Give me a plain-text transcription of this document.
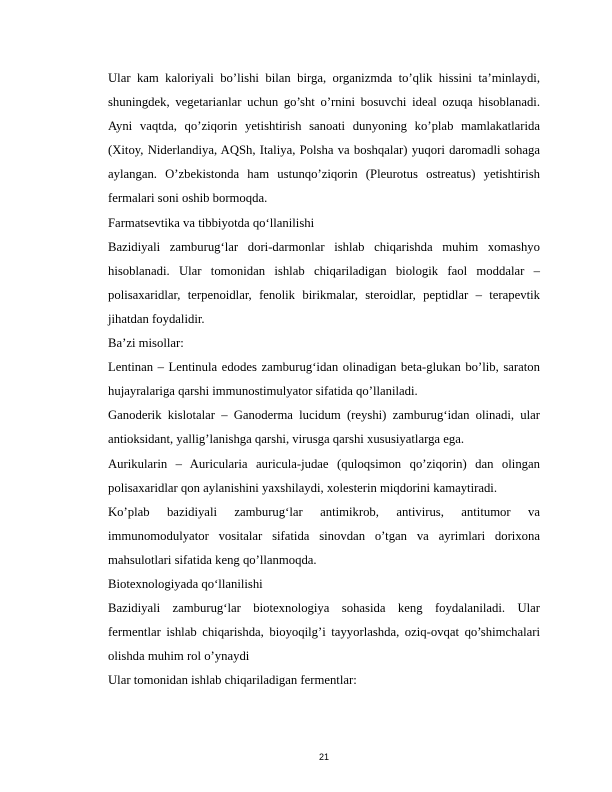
Ular kam kaloriyali bo’lishi bilan birga, organizmda to’qlik hissini ta’minlaydi, shuningdek, vegetarianlar uchun go’sht o’rnini bosuvchi ideal ozuqa hisoblanadi. Ayni vaqtda, qo’ziqorin yetishtirish sanoati dunyoning ko’plab mamlakatlarida (Xitoy, Niderlandiya, AQSh, Italiya, Polsha va boshqalar) yuqori daromadli sohaga aylangan. O’zbekistonda ham ustunqo’ziqorin (Pleurotus ostreatus) yetishtirish fermalari soni oshib bormoqda.

Farmatsevtika va tibbiyotda qo‘llanilishi

Bazidiyali zamburug‘lar dori-darmonlar ishlab chiqarishda muhim xomashyo hisoblanadi. Ular tomonidan ishlab chiqariladigan biologik faol moddalar – polisaxaridlar, terpenoidlar, fenolik birikmalar, steroidlar, peptidlar – terapevtik jihatdan foydalidir.

Ba’zi misollar:

Lentinan – Lentinula edodes zamburug‘idan olinadigan beta-glukan bo’lib, saraton hujayralariga qarshi immunostimulyator sifatida qo’llaniladi.

Ganoderik kislotalar – Ganoderma lucidum (reyshi) zamburug‘idan olinadi, ular antioksidant, yallig’lanishga qarshi, virusga qarshi xususiyatlarga ega.

Aurikularin – Auricularia auricula-judae (quloqsimon qo’ziqorin) dan olingan polisaxaridlar qon aylanishini yaxshilaydi, xolesterin miqdorini kamaytiradi.

Ko’plab bazidiyali zamburug‘lar antimikrob, antivirus, antitumor va immunomodulyator vositalar sifatida sinovdan o’tgan va ayrimlari dorixona mahsulotlari sifatida keng qo’llanmoqda.

Biotexnologiyada qo‘llanilishi

Bazidiyali zamburug‘lar biotexnologiya sohasida keng foydalaniladi. Ular fermentlar ishlab chiqarishda, bioyoqilg’i tayyorlashda, oziq-ovqat qo’shimchalari olishda muhim rol o’ynaydi

Ular tomonidan ishlab chiqariladigan fermentlar:

21
